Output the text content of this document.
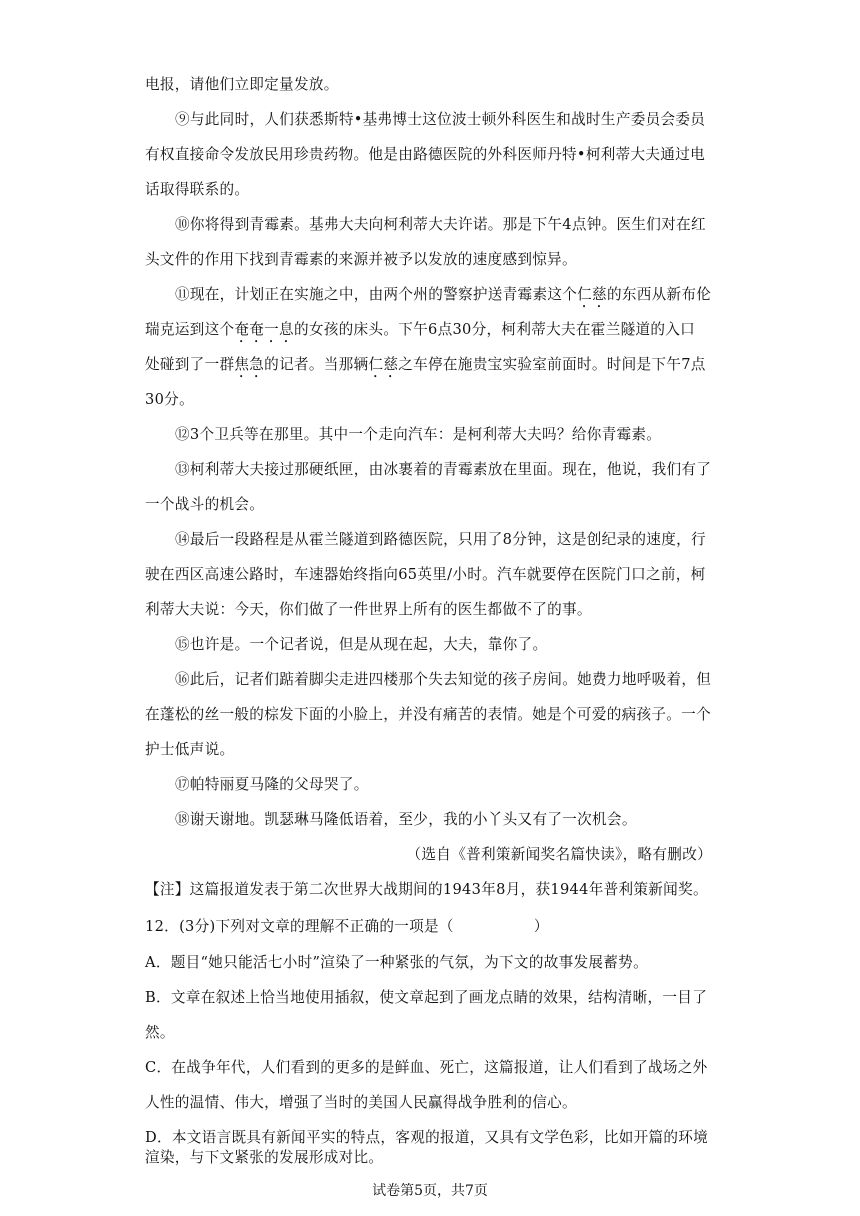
电报，请他们立即定量发放。
⑨与此同时，人们获悉斯特•基弗博士这位波士顿外科医生和战时生产委员会委员
有权直接命令发放民用珍贵药物。他是由路德医院的外科医师丹特•柯利蒂大夫通过电
话取得联系的。
⑩你将得到青霉素。基弗大夫向柯利蒂大夫许诺。那是下午4点钟。医生们对在红
头文件的作用下找到青霉素的来源并被予以发放的速度感到惊异。
⑪现在，计划正在实施之中，由两个州的警察护送青霉素这个仁慈的东西从新布伦
瑞克运到这个奄奄一息的女孩的床头。下午6点30分，柯利蒂大夫在霍兰隧道的入口
处碰到了一群焦急的记者。当那辆仁慈之车停在施贵宝实验室前面时。时间是下午7点
30分。
⑫3个卫兵等在那里。其中一个走向汽车：是柯利蒂大夫吗？给你青霉素。
⑬柯利蒂大夫接过那硬纸匣，由冰裹着的青霉素放在里面。现在，他说，我们有了
一个战斗的机会。
⑭最后一段路程是从霍兰隧道到路德医院，只用了8分钟，这是创纪录的速度，行
驶在西区高速公路时，车速器始终指向65英里/小时。汽车就要停在医院门口之前，柯
利蒂大夫说：今天，你们做了一件世界上所有的医生都做不了的事。
⑮也许是。一个记者说，但是从现在起，大夫，靠你了。
⑯此后，记者们踮着脚尖走进四楼那个失去知觉的孩子房间。她费力地呼吸着，但
在蓬松的丝一般的棕发下面的小脸上，并没有痛苦的表情。她是个可爱的病孩子。一个
护士低声说。
⑰帕特丽夏马隆的父母哭了。
⑱谢天谢地。凯瑟琳马隆低语着，至少，我的小丫头又有了一次机会。
（选自《普利策新闻奖名篇快读》，略有删改）
【注】这篇报道发表于第二次世界大战期间的1943年8月，获1944年普利策新闻奖。
12．(3分)下列对文章的理解不正确的一项是（	）
A．题目“她只能活七小时”渲染了一种紧张的气氛，为下文的故事发展蓄势。
B．文章在叙述上恰当地使用插叙，使文章起到了画龙点睛的效果，结构清晰，一目了
然。
C．在战争年代，人们看到的更多的是鲜血、死亡，这篇报道，让人们看到了战场之外
人性的温情、伟大，增强了当时的美国人民赢得战争胜利的信心。
D．本文语言既具有新闻平实的特点，客观的报道，又具有文学色彩，比如开篇的环境
试卷第5页，共7页
渲染，与下文紧张的发展形成对比。
